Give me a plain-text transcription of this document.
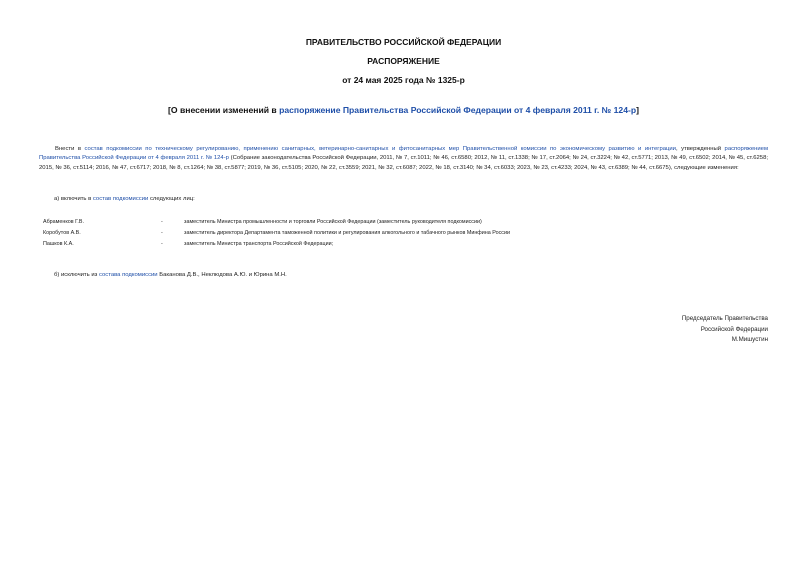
ПРАВИТЕЛЬСТВО РОССИЙСКОЙ ФЕДЕРАЦИИ
РАСПОРЯЖЕНИЕ
от 24 мая 2025 года № 1325-р
[О внесении изменений в распоряжение Правительства Российской Федерации от 4 февраля 2011 г. № 124-р]
Внести в состав подкомиссии по техническому регулированию, применению санитарных, ветеринарно-санитарных и фитосанитарных мер Правительственной комиссии по экономическому развитию и интеграции, утвержденный распоряжением Правительства Российской Федерации от 4 февраля 2011 г. № 124-р (Собрание законодательства Российской Федерации, 2011, № 7, ст.1011; № 46, ст.6580; 2012, № 11, ст.1338; № 17, ст.2064; № 24, ст.3224; № 42, ст.5771; 2013, № 49, ст.6502; 2014, № 45, ст.6258; 2015, № 36, ст.5114; 2016, № 47, ст.6717; 2018, № 8, ст.1264; № 38, ст.5877; 2019, № 36, ст.5105; 2020, № 22, ст.3559; 2021, № 32, ст.6087; 2022, № 18, ст.3140; № 34, ст.6033; 2023, № 23, ст.4233; 2024, № 43, ст.6389; № 44, ст.6675), следующие изменения:
а) включить в состав подкомиссии следующих лиц:
Абраменков Г.В.	-	заместитель Министра промышленности и торговли Российской Федерации (заместитель руководителя подкомиссии)
Коробутов А.В.	-	заместитель директора Департамента таможенной политики и регулирования алкогольного и табачного рынков Минфина России
Пашков К.А.	-	заместитель Министра транспорта Российской Федерации;
б) исключить из состава подкомиссии Баканова Д.В., Неклюдова А.Ю. и Юрина М.Н.
Председатель Правительства
Российской Федерации
М.Мишустин
